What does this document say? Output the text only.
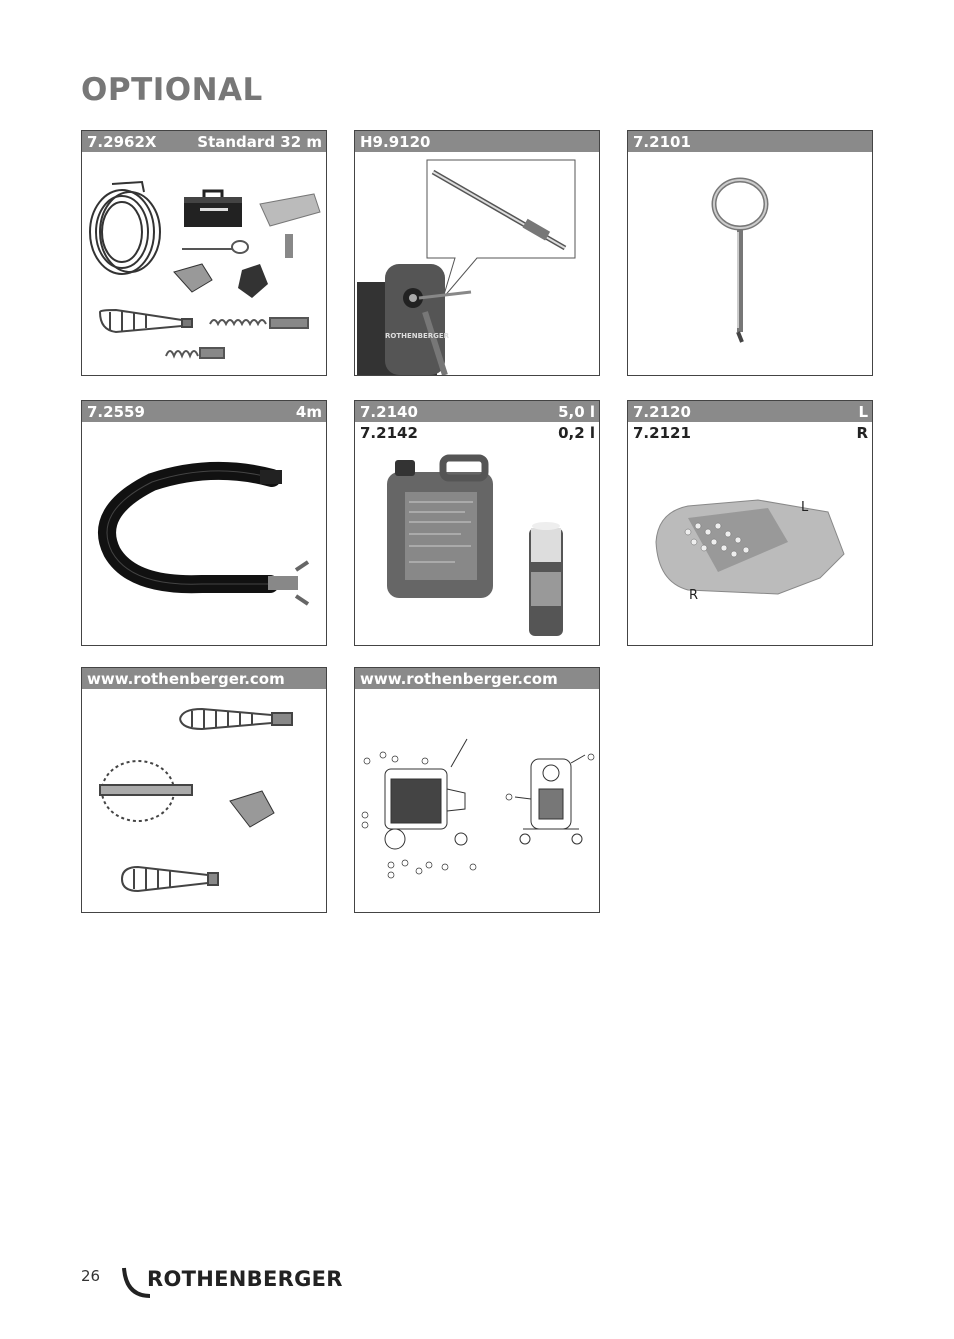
OPTIONAL
7.2962X	Standard 32 m	H9.9120
ROTHENBERGER
7.2101
7.2559	4m	7.2140	5,0 l
7.2142	0,2 l
7.2120	L
7.2121	R
L
R
www.rothenberger.com	www.rothenberger.com
26 ROTHENBERGER
